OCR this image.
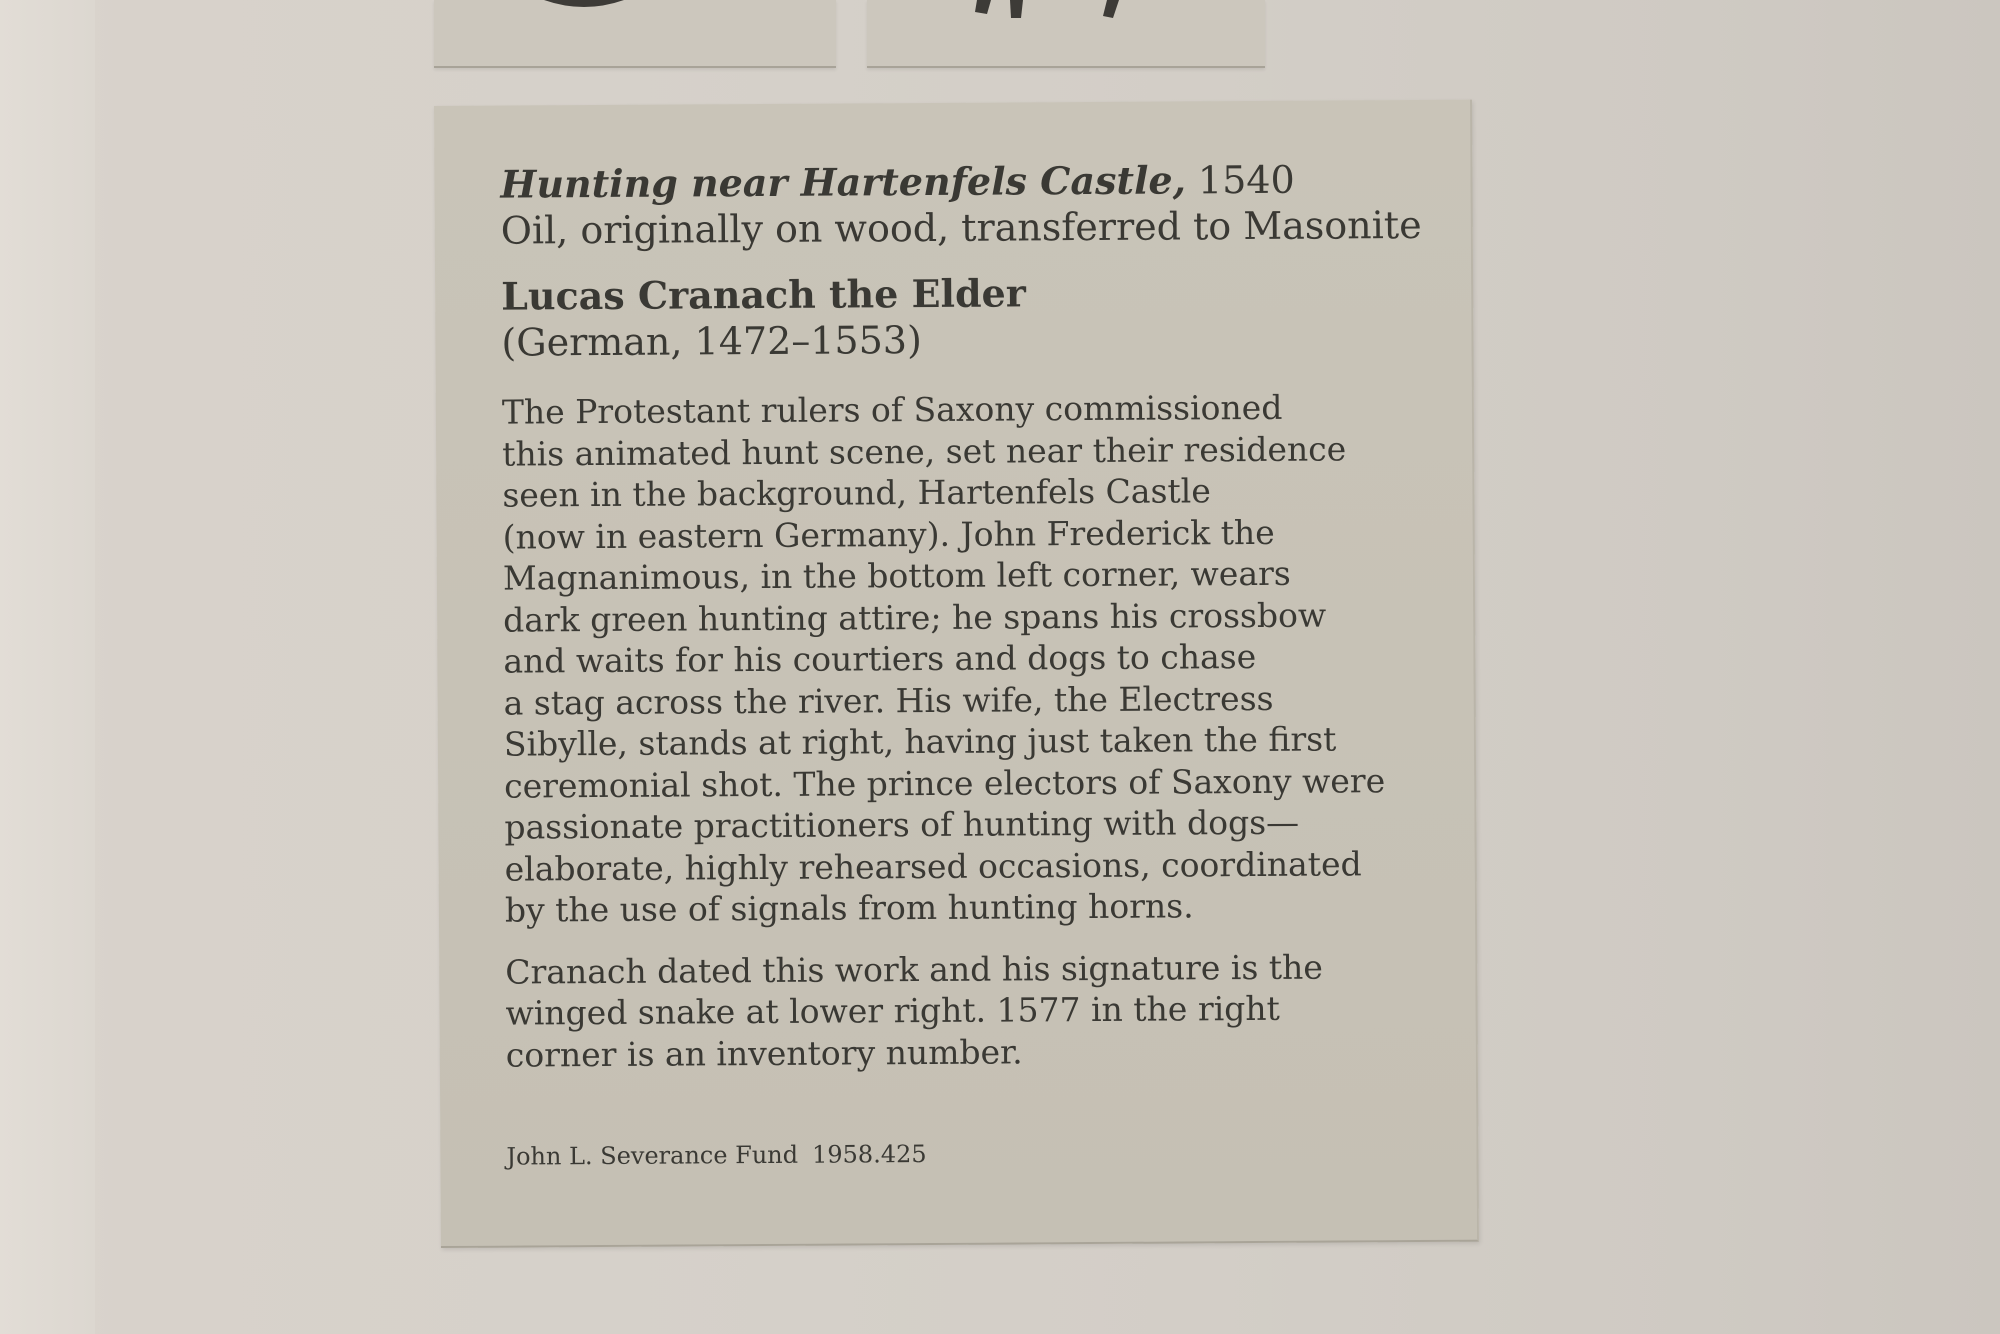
Hunting near Hartenfels Castle, 1540
Oil, originally on wood, transferred to Masonite
Lucas Cranach the Elder
(German, 1472–1553)
The Protestant rulers of Saxony commissioned
this animated hunt scene, set near their residence
seen in the background, Hartenfels Castle
(now in eastern Germany). John Frederick the
Magnanimous, in the bottom left corner, wears
dark green hunting attire; he spans his crossbow
and waits for his courtiers and dogs to chase
a stag across the river. His wife, the Electress
Sibylle, stands at right, having just taken the first
ceremonial shot. The prince electors of Saxony were
passionate practitioners of hunting with dogs—
elaborate, highly rehearsed occasions, coordinated
by the use of signals from hunting horns.
Cranach dated this work and his signature is the
winged snake at lower right. 1577 in the right
corner is an inventory number.
John L. Severance Fund 1958.425
